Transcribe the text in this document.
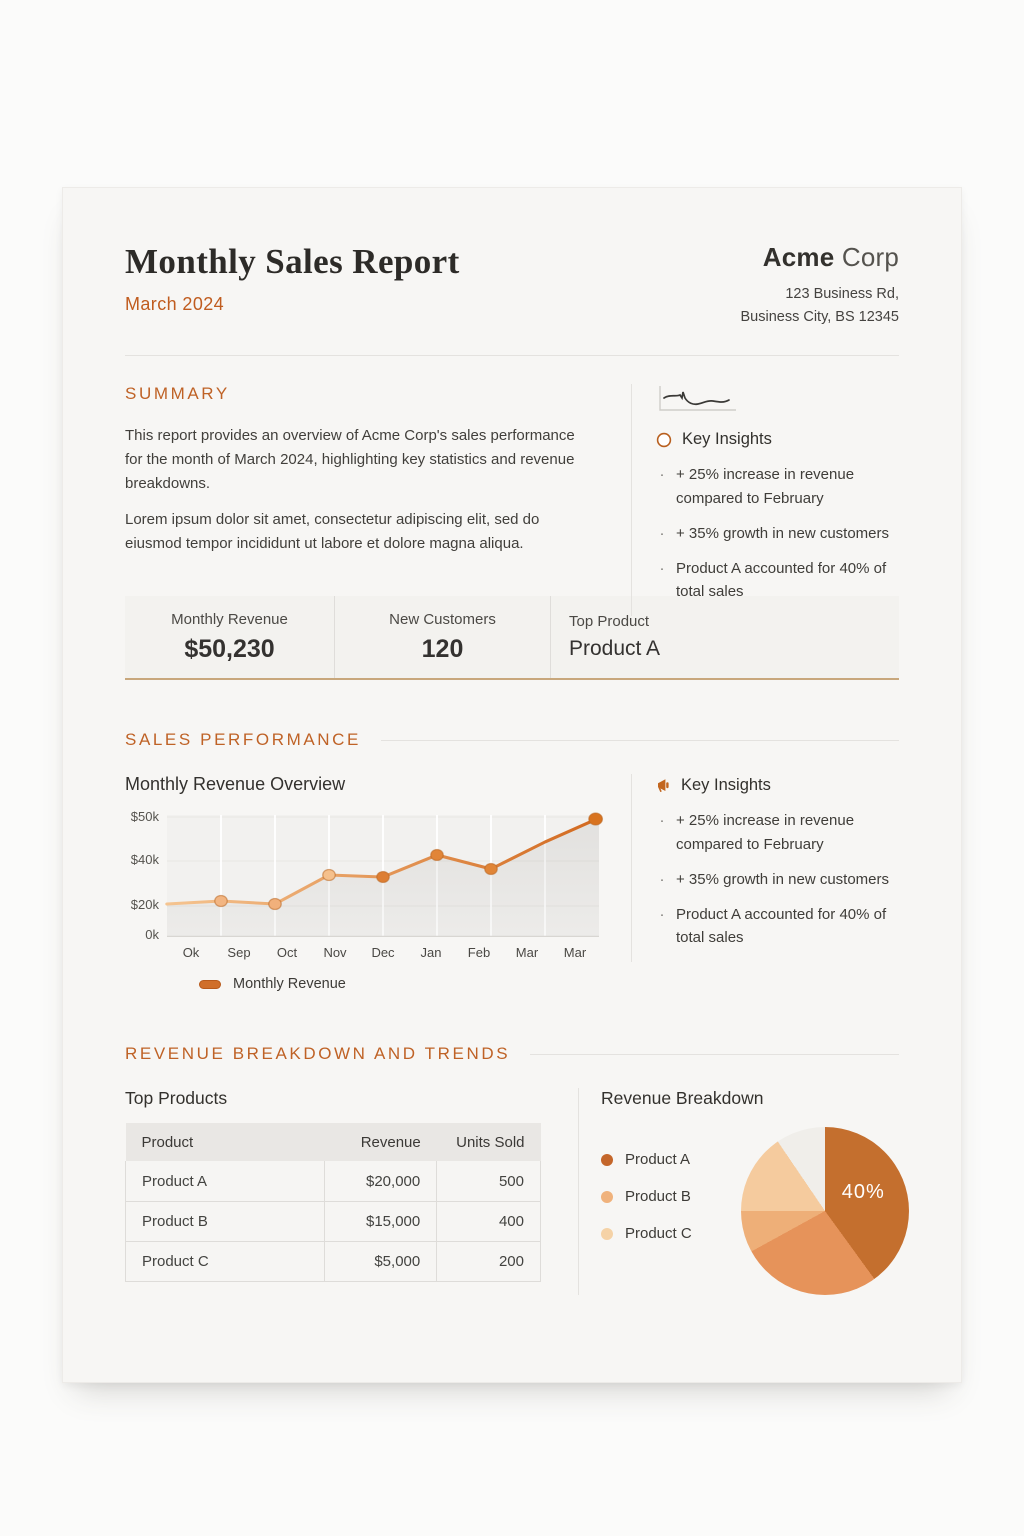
Monthly Sales Report
March 2024
Acme Corp
123 Business Rd,
Business City, BS 12345
SUMMARY

This report provides an overview of Acme Corp's sales performance for the month of March 2024, highlighting key statistics and revenue breakdowns.

Lorem ipsum dolor sit amet, consectetur adipiscing elit, sed do eiusmod tempor incididunt ut labore et dolore magna aliqua.

Key Insights
· + 25% increase in revenue compared to February
· + 35% growth in new customers
· Product A accounted for 40% of total sales
Monthly Revenue
$50,230
New Customers
120
Top Product
Product A
SALES PERFORMANCE
Monthly Revenue Overview
$50k
$40k
$20k
0k
Ok	Sep	Oct	Nov	Dec	Jan	Feb	Mar	Mar
Monthly Revenue
Key Insights
· + 25% increase in revenue compared to February
· + 35% growth in new customers
· Product A accounted for 40% of total sales
REVENUE BREAKDOWN AND TRENDS
Top Products
Product	Revenue	Units Sold
Product A	$20,000	500
Product B	$15,000	400
Product C	$5,000	200
Revenue Breakdown
Product A
Product B
Product C
40%
